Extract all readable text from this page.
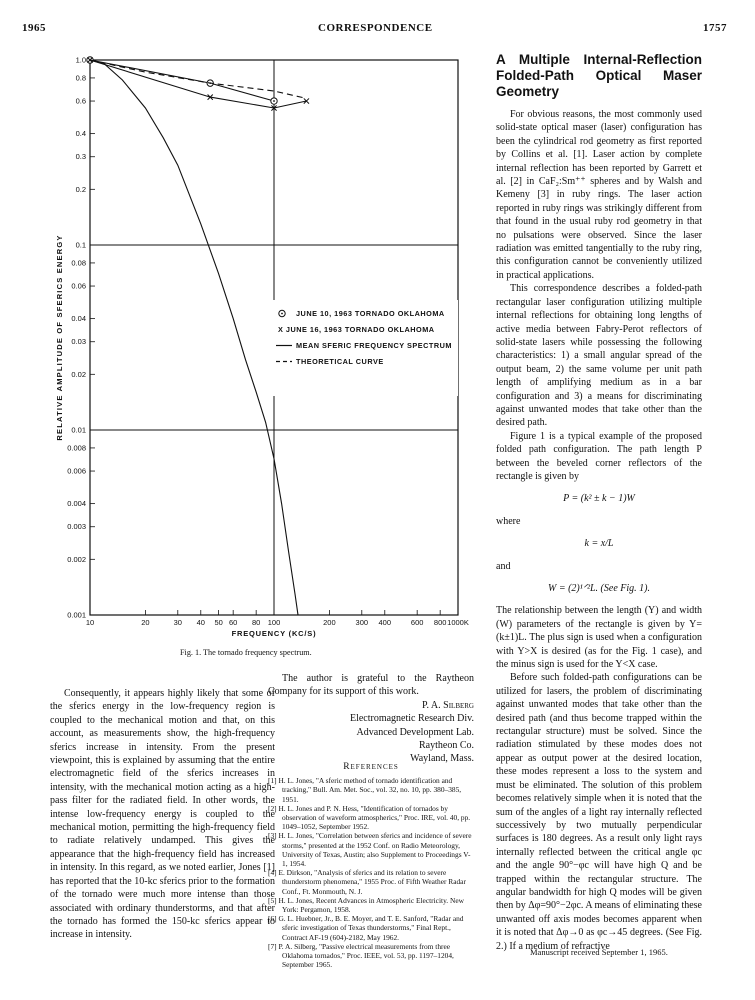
1965	CORRESPONDENCE	1757
1.0
0.8
0.6
0.4
0.3
0.2
0.1
0.08
0.06
0.04
0.03
0.02
0.01
0.008
0.006
0.004
0.003
0.002
0.001
10	20	30 40 50 60 80 100	200	300 400	600 800 1000K
FREQUENCY (KC/S)
RELATIVE AMPLITUDE OF SFERICS ENERGY	JUNE 10, 1963 TORNADO OKLAHOMA
X JUNE 16, 1963 TORNADO OKLAHOMA
MEAN SFERIC FREQUENCY SPECTRUM
THEORETICAL CURVE
Fig. 1. The tornado frequency spectrum.
A Multiple Internal-Reflection Folded-Path Optical Maser Geometry

For obvious reasons, the most commonly used solid-state optical maser (laser) configuration has been the cylindrical rod geometry as first reported by Collins et al. [1]. Laser action by complete internal reflection has been reported by Garrett et al. [2] in CaF₂:Sm⁺⁺ spheres and by Walsh and Kemeny [3] in ruby rings. The laser action reported in ruby rings was strikingly different from that found in the usual ruby rod geometry in that no pulsations were observed. Since the laser radiation was emitted tangentially to the ruby ring, this configuration cannot be conveniently utilized in practical applications.

This correspondence describes a folded-path rectangular laser configuration utilizing multiple internal reflections for obtaining long lengths of active media between Fabry-Perot reflectors of solid-state lasers while possessing the following characteristics: 1) a small angular spread of the output beam, 2) the same volume per unit path length of amplifying medium as in a bar configuration and 3) a means for discriminating against unwanted modes that take other than the desired path.

Figure 1 is a typical example of the proposed folded path configuration. The path length P between the beveled corner reflectors of the rectangle is given by

P = (k² ± k − 1)W

where

k = x/L

and

W = (2)¹ᐟ²L. (See Fig. 1).

The relationship between the length (Y) and width (W) parameters of the rectangle is given by Y=(k±1)L. The plus sign is used when a configuration with Y>X is desired (as for the Fig. 1 case), and the minus sign is used for the Y<X case.

Before such folded-path configurations can be utilized for lasers, the problem of discriminating against unwanted modes that take other than the desired path (and thus become trapped within the rectangular structure) must be solved. Since the radiation stimulated by these modes does not appear as output power at the desired location, these modes represent a loss to the system and must be eliminated. The solution of this problem becomes relatively simple when it is noted that the sum of the angles of a light ray internally reflected successively by two mutually perpendicular surfaces is 180 degrees. As a result only light rays internally reflected between the critical angle φc and the angle 90°−φc will have high Q and be trapped within the rectangular structure. The angular bandwidth for high Q modes will be given then by Δφ=90°−2φc. A means of eliminating these unwanted off axis modes becomes apparent when it is noted that Δφ→0 as φc→45 degrees. (See Fig. 2.) If a medium of refractive

Manuscript received September 1, 1965.

Consequently, it appears highly likely that some of the sferics energy in the low-frequency region is coupled to the mechanical motion and that, on this account, as measurements show, the high-frequency sferics increase in intensity. From the present viewpoint, this is explained by assuming that the entire electromagnetic field of the sferics increases in intensity, with the mechanical motion acting as a high-pass filter for the radiated field. In other words, the intense low-frequency energy is coupled to the mechanical motion, permitting the high-frequency field to radiate relatively undamped. This gives the appearance that the high-frequency field has increased in intensity. In this regard, as we noted earlier, Jones [1] has reported that the 10-kc sferics prior to the formation of the tornado were much more intense than those associated with ordinary thunderstorms, and that after the tornado has formed the 150-kc sferics appear to increase in intensity.

The author is grateful to the Raytheon Company for its support of this work.

P. A. Silberg
Electromagnetic Research Div.
Advanced Development Lab.
Raytheon Co.
Wayland, Mass.
References
[1] H. L. Jones, "A sferic method of tornado identification and tracking," Bull. Am. Met. Soc., vol. 32, no. 10, pp. 380–385, 1951.
[2] H. L. Jones and P. N. Hess, "Identification of tornados by observation of waveform atmospherics," Proc. IRE, vol. 40, pp. 1049–1052, September 1952.
[3] H. L. Jones, "Correlation between sferics and incidence of severe storms," presented at the 1952 Conf. on Radio Meteorology, University of Texas, Austin; also Supplement to Proceedings V-1, 1954.
[4] E. Dirkson, "Analysis of sferics and its relation to severe thunderstorm phenomena," 1955 Proc. of Fifth Weather Radar Conf., Ft. Monmouth, N. J.
[5] H. L. Jones, Recent Advances in Atmospheric Electricity. New York: Pergamon, 1958.
[6] G. L. Huebner, Jr., B. E. Moyer, and T. E. Sanford, "Radar and sferic investigation of Texas thunderstorms," Final Rept., Contract AF-19 (604)-2182, May 1962.
[7] P. A. Silberg, "Passive electrical measurements from three Oklahoma tornados," Proc. IEEE, vol. 53, pp. 1197–1204, September 1965.
